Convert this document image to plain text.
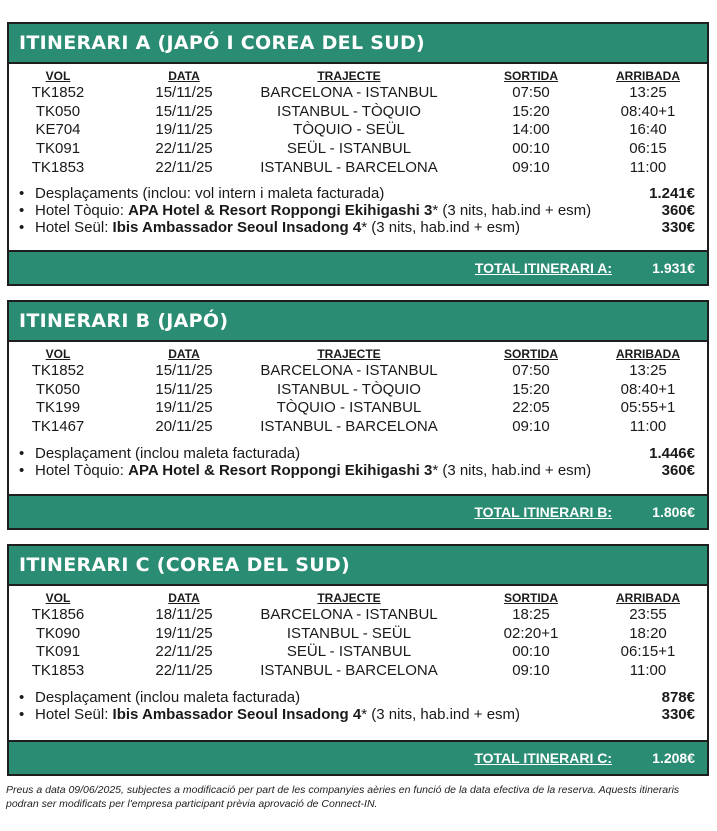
ITINERARI A (JAPÓ I COREA DEL SUD)
VOL	DATA	TRAJECTE	SORTIDA	ARRIBADA
TK1852	15/11/25	BARCELONA - ISTANBUL	07:50	13:25
TK050	15/11/25	ISTANBUL - TÒQUIO	15:20	08:40+1
KE704	19/11/25	TÒQUIO - SEÜL	14:00	16:40
TK091	22/11/25	SEÜL - ISTANBUL	00:10	06:15
TK1853	22/11/25	ISTANBUL - BARCELONA	09:10	11:00
• Desplaçaments (inclou: vol intern i maleta facturada)	1.241€
• Hotel Tòquio: APA Hotel & Resort Roppongi Ekihigashi 3* (3 nits, hab.ind + esm)	360€
• Hotel Seül: Ibis Ambassador Seoul Insadong 4* (3 nits, hab.ind + esm)	330€
TOTAL ITINERARI A:	1.931€
ITINERARI B (JAPÓ)
VOL	DATA	TRAJECTE	SORTIDA	ARRIBADA
TK1852	15/11/25	BARCELONA - ISTANBUL	07:50	13:25
TK050	15/11/25	ISTANBUL - TÒQUIO	15:20	08:40+1
TK199	19/11/25	TÒQUIO - ISTANBUL	22:05	05:55+1
TK1467	20/11/25	ISTANBUL - BARCELONA	09:10	11:00
• Desplaçament (inclou maleta facturada)	1.446€
• Hotel Tòquio: APA Hotel & Resort Roppongi Ekihigashi 3* (3 nits, hab.ind + esm)	360€
TOTAL ITINERARI B:	1.806€
ITINERARI C (COREA DEL SUD)
VOL	DATA	TRAJECTE	SORTIDA	ARRIBADA
TK1856	18/11/25	BARCELONA - ISTANBUL	18:25	23:55
TK090	19/11/25	ISTANBUL - SEÜL	02:20+1	18:20
TK091	22/11/25	SEÜL - ISTANBUL	00:10	06:15+1
TK1853	22/11/25	ISTANBUL - BARCELONA	09:10	11:00
• Desplaçament (inclou maleta facturada)	878€
• Hotel Seül: Ibis Ambassador Seoul Insadong 4* (3 nits, hab.ind + esm)	330€
TOTAL ITINERARI C:	1.208€
Preus a data 09/06/2025, subjectes a modificació per part de les companyies aèries en funció de la data efectiva de la reserva. Aquests itineraris podran ser modificats per l'empresa participant prèvia aprovació de Connect-IN.
